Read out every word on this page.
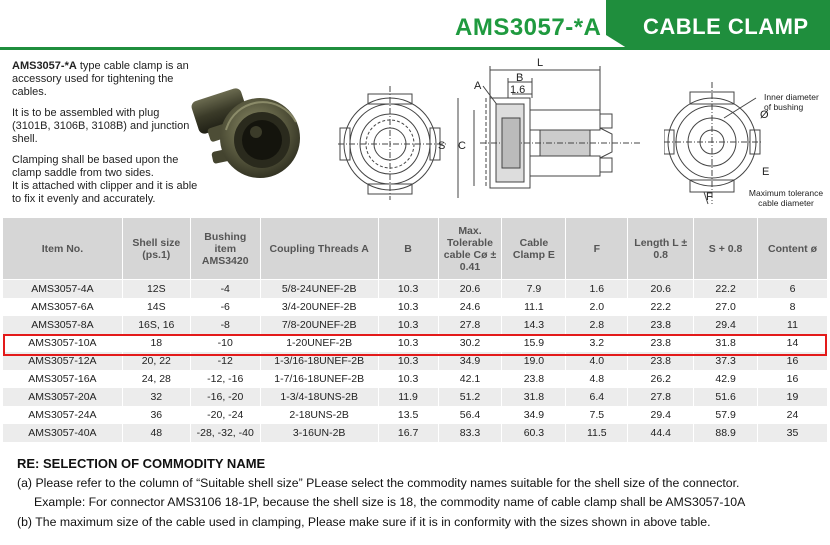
AMS3057-*A CABLE CLAMP

AMS3057-*A type cable clamp is an accessory used for tightening the cables.

It is to be assembled with plug (3101B, 3106B, 3108B) and junction shell.

Clamping shall be based upon the clamp saddle from two sides.

It is attached with clipper and it is able to fix it evenly and accurately.

L
B
1.6
A
S C
Ø
E
F
Inner diameter of bushing
Maximum tolerance cable diameter
Item No.	Shell size (ps.1)	Bushing item AMS3420	Coupling Threads A	B	Max. Tolerable cable Cø ± 0.41	Cable Clamp E	F	Length L ± 0.8	S + 0.8	Content ø
AMS3057-4A	12S	-4	5/8-24UNEF-2B	10.3	20.6	7.9	1.6	20.6	22.2	6
AMS3057-6A	14S	-6	3/4-20UNEF-2B	10.3	24.6	11.1	2.0	22.2	27.0	8
AMS3057-8A	16S, 16	-8	7/8-20UNEF-2B	10.3	27.8	14.3	2.8	23.8	29.4	11
AMS3057-10A	18	-10	1-20UNEF-2B	10.3	30.2	15.9	3.2	23.8	31.8	14
AMS3057-12A	20, 22	-12	1-3/16-18UNEF-2B	10.3	34.9	19.0	4.0	23.8	37.3	16
AMS3057-16A	24, 28	-12, -16	1-7/16-18UNEF-2B	10.3	42.1	23.8	4.8	26.2	42.9	16
AMS3057-20A	32	-16, -20	1-3/4-18UNS-2B	11.9	51.2	31.8	6.4	27.8	51.6	19
AMS3057-24A	36	-20, -24	2-18UNS-2B	13.5	56.4	34.9	7.5	29.4	57.9	24
AMS3057-40A	48	-28, -32, -40	3-16UN-2B	16.7	83.3	60.3	11.5	44.4	88.9	35
RE: SELECTION OF COMMODITY NAME
(a) Please refer to the column of “Suitable shell size” PLease select the commodity names suitable for the shell size of the connector.
Example: For connector AMS3106 18-1P, because the shell size is 18, the commodity name of cable clamp shall be AMS3057-10A
(b) The maximum size of the cable used in clamping, Please make sure if it is in conformity with the sizes shown in above table.
